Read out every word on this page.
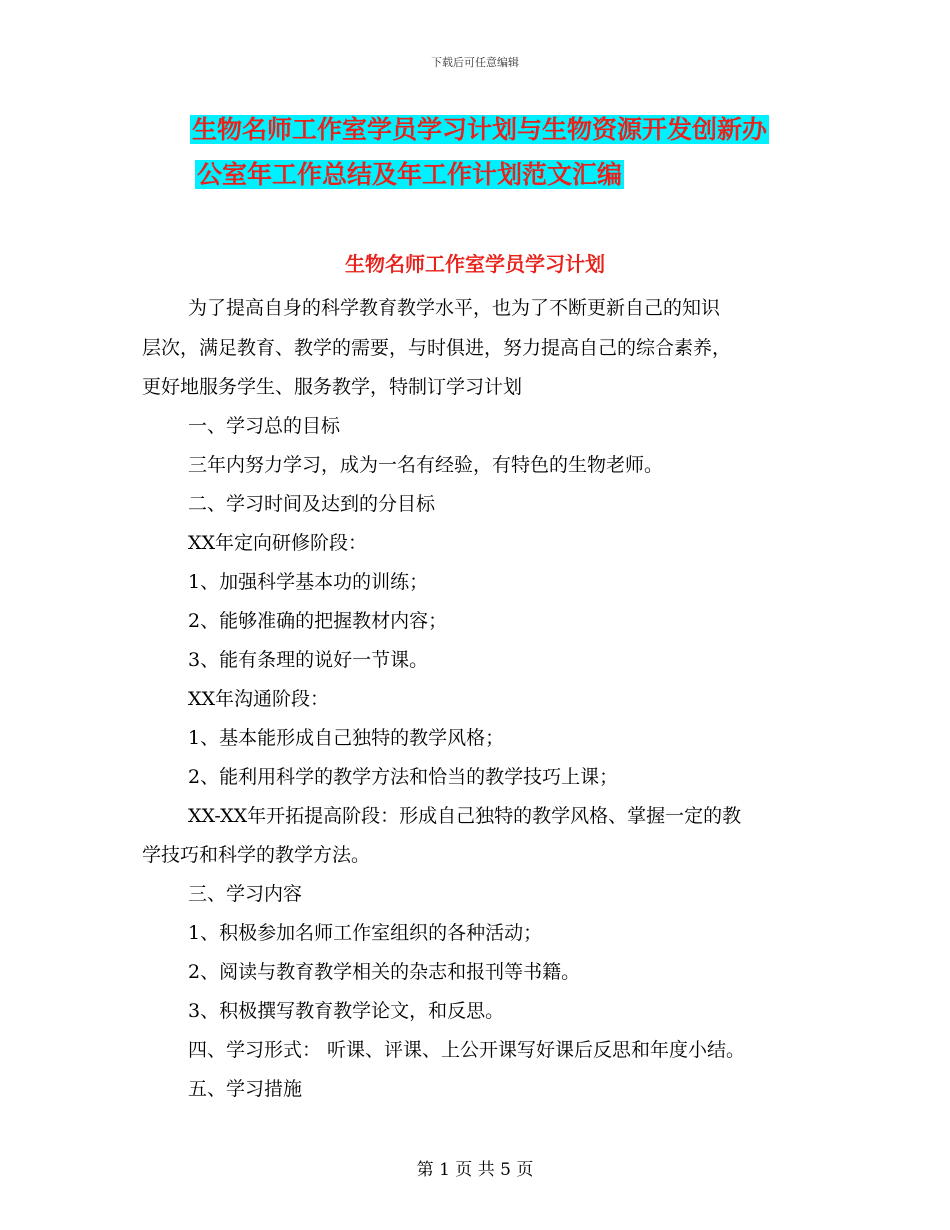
下载后可任意编辑
生物名师工作室学员学习计划与生物资源开发创新办
公室年工作总结及年工作计划范文汇编
生物名师工作室学员学习计划
为了提高自身的科学教育教学水平，也为了不断更新自己的知识
层次，满足教育、教学的需要，与时俱进，努力提高自己的综合素养，
更好地服务学生、服务教学，特制订学习计划
一、学习总的目标
三年内努力学习，成为一名有经验，有特色的生物老师。
二、学习时间及达到的分目标
XX年定向研修阶段：
1、加强科学基本功的训练；
2、能够准确的把握教材内容；
3、能有条理的说好一节课。
XX年沟通阶段：
1、基本能形成自己独特的教学风格；
2、能利用科学的教学方法和恰当的教学技巧上课；
XX-XX年开拓提高阶段：形成自己独特的教学风格、掌握一定的教
学技巧和科学的教学方法。
三、学习内容
1、积极参加名师工作室组织的各种活动；
2、阅读与教育教学相关的杂志和报刊等书籍。
3、积极撰写教育教学论文，和反思。
四、学习形式： 听课、评课、上公开课写好课后反思和年度小结。
五、学习措施
第 1 页 共 5 页
